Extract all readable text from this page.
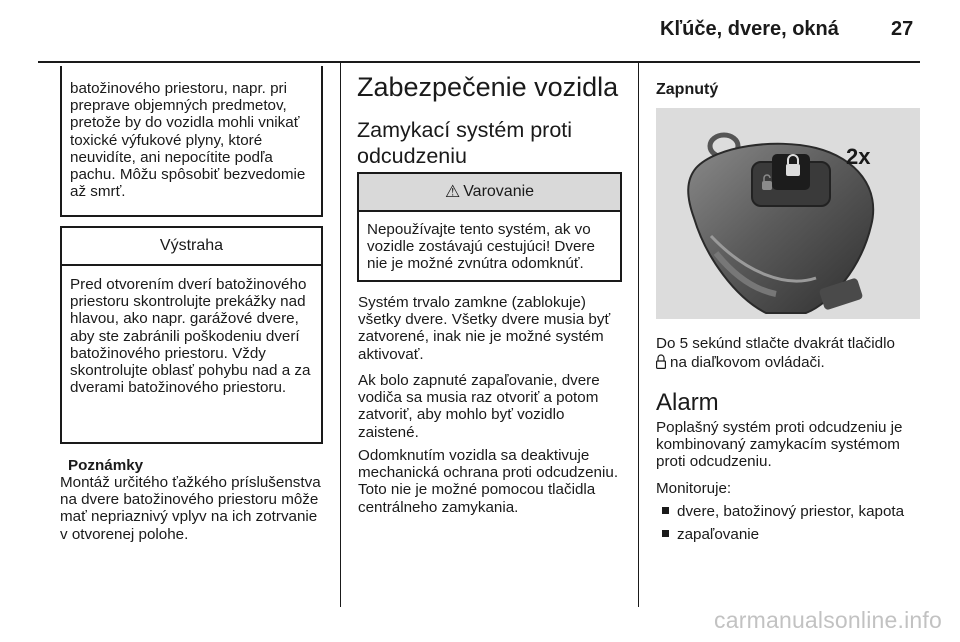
Kľúče, dvere, okná	27

batožinového priestoru, napr. pri preprave objemných predmetov, pretože by do vozidla mohli vnikať toxické výfukové plyny, ktoré neuvidíte, ani nepocítite podľa pachu. Môžu spôsobiť bezvedomie až smrť.

Výstraha

Pred otvorením dverí batožinového priestoru skontrolujte prekážky nad hlavou, ako napr. garážové dvere, aby ste zabránili poškodeniu dverí batožinového priestoru. Vždy skontrolujte oblasť pohybu nad a za dverami batožinového priestoru.

Poznámky

Montáž určitého ťažkého príslušenstva na dvere batožinového priestoru môže mať nepriaznivý vplyv na ich zotrvanie v otvorenej polohe.

Zabezpečenie vozidla
Zamykací systém proti odcudzeniu
⚠ Varovanie

Nepoužívajte tento systém, ak vo vozidle zostávajú cestujúci! Dvere nie je možné zvnútra odomknúť.

Systém trvalo zamkne (zablokuje) všetky dvere. Všetky dvere musia byť zatvorené, inak nie je možné systém aktivovať.

Ak bolo zapnuté zapaľovanie, dvere vodiča sa musia raz otvoriť a potom zatvoriť, aby mohlo byť vozidlo zaistené.

Odomknutím vozidla sa deaktivuje mechanická ochrana proti odcudzeniu. Toto nie je možné pomocou tlačidla centrálneho zamykania.

Zapnutý
2x

Do 5 sekúnd stlačte dvakrát tlačidlo
na diaľkovom ovládači.

Alarm

Poplašný systém proti odcudzeniu je kombinovaný zamykacím systémom proti odcudzeniu.

Monitoruje:
dvere, batožinový priestor, kapota
zapaľovanie
carmanualsonline.info
